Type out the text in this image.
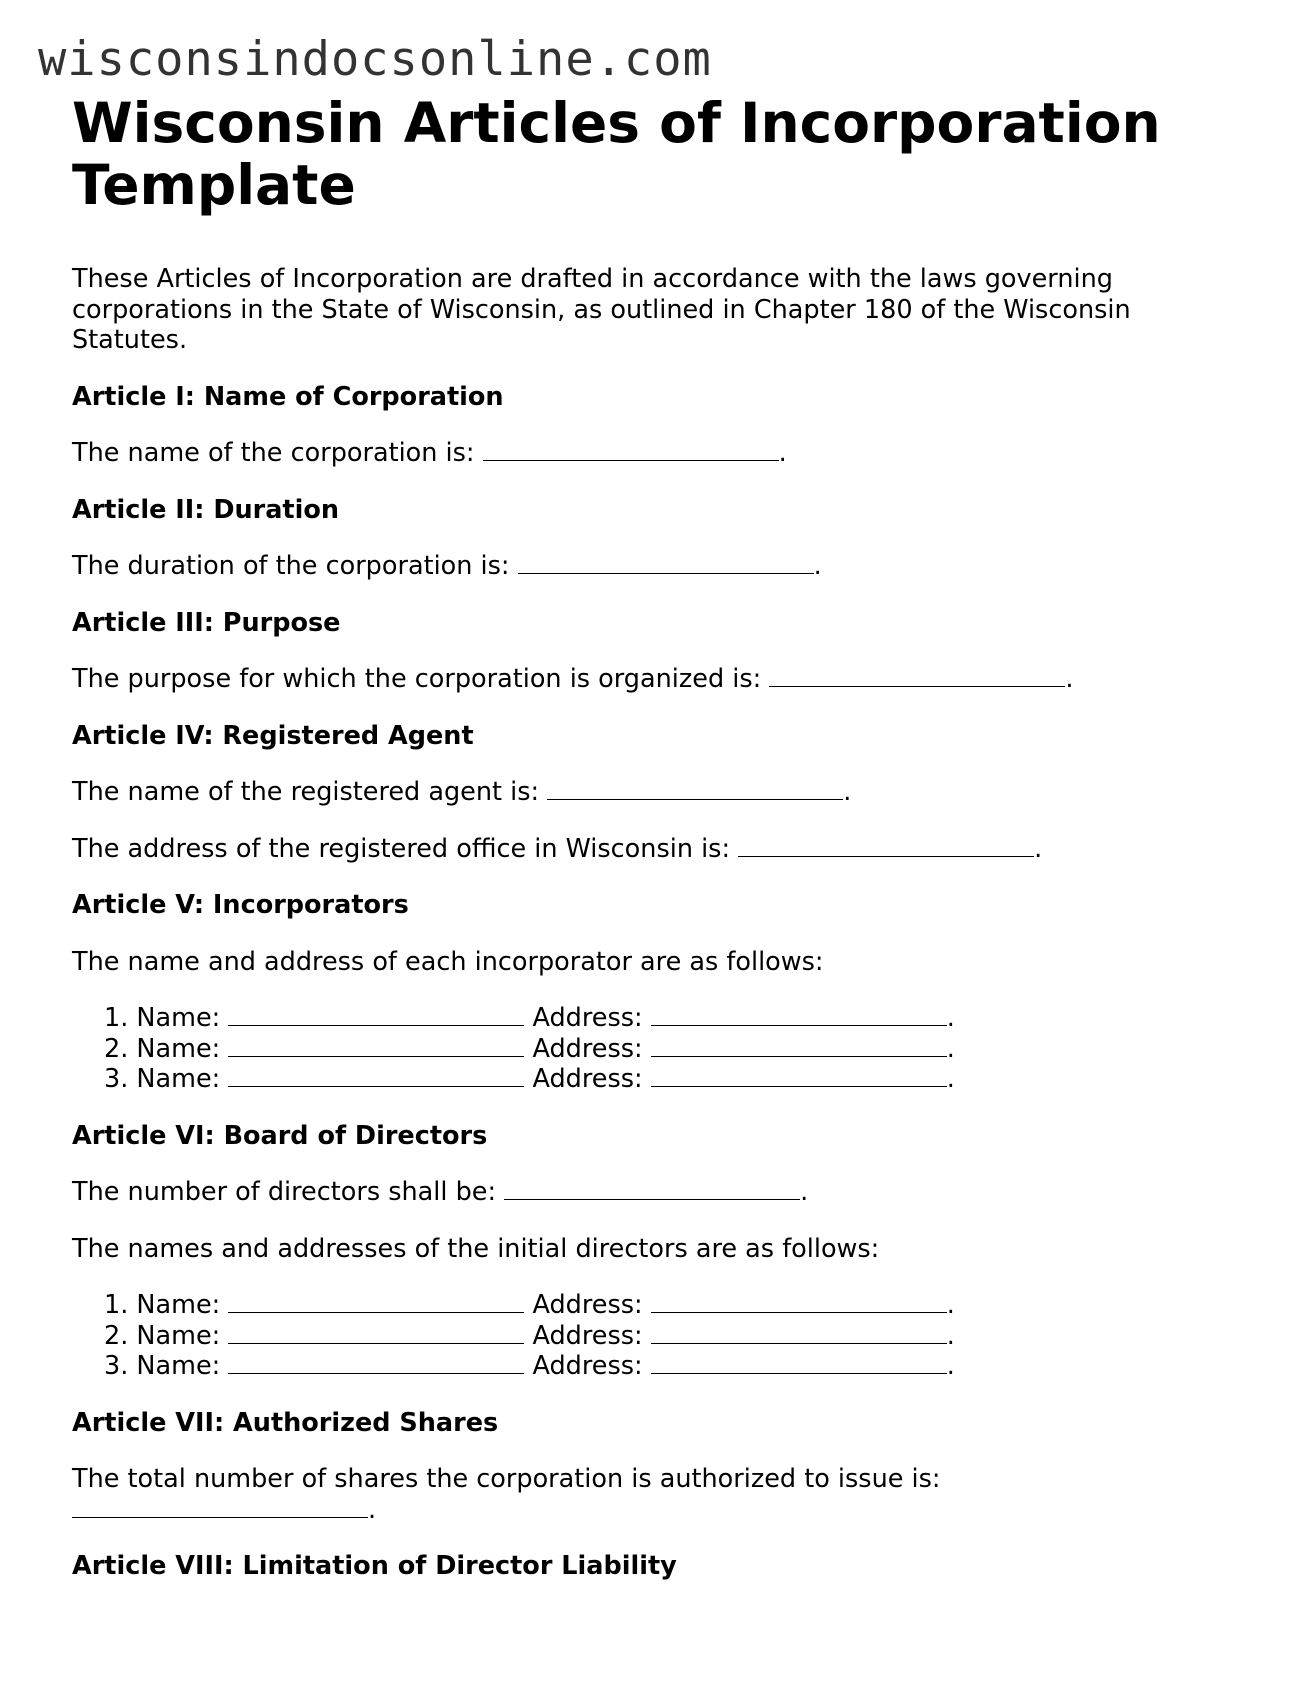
wisconsindocsonline.com
Wisconsin Articles of Incorporation Template

These Articles of Incorporation are drafted in accordance with the laws governing corporations in the State of Wisconsin, as outlined in Chapter 180 of the Wisconsin Statutes.

Article I: Name of Corporation

The name of the corporation is:	.

Article II: Duration

The duration of the corporation is:	.

Article III: Purpose

The purpose for which the corporation is organized is:	.

Article IV: Registered Agent

The name of the registered agent is:	.

The address of the registered office in Wisconsin is:	.

Article V: Incorporators

The name and address of each incorporator are as follows:

1. Name:	Address:	.
2. Name:	Address:	.
3. Name:	Address:	.
Article VI: Board of Directors

The number of directors shall be:	.

The names and addresses of the initial directors are as follows:

1. Name:	Address:	.
2. Name:	Address:	.
3. Name:	Address:	.
Article VII: Authorized Shares

The total number of shares the corporation is authorized to issue is:
.

Article VIII: Limitation of Director Liability
